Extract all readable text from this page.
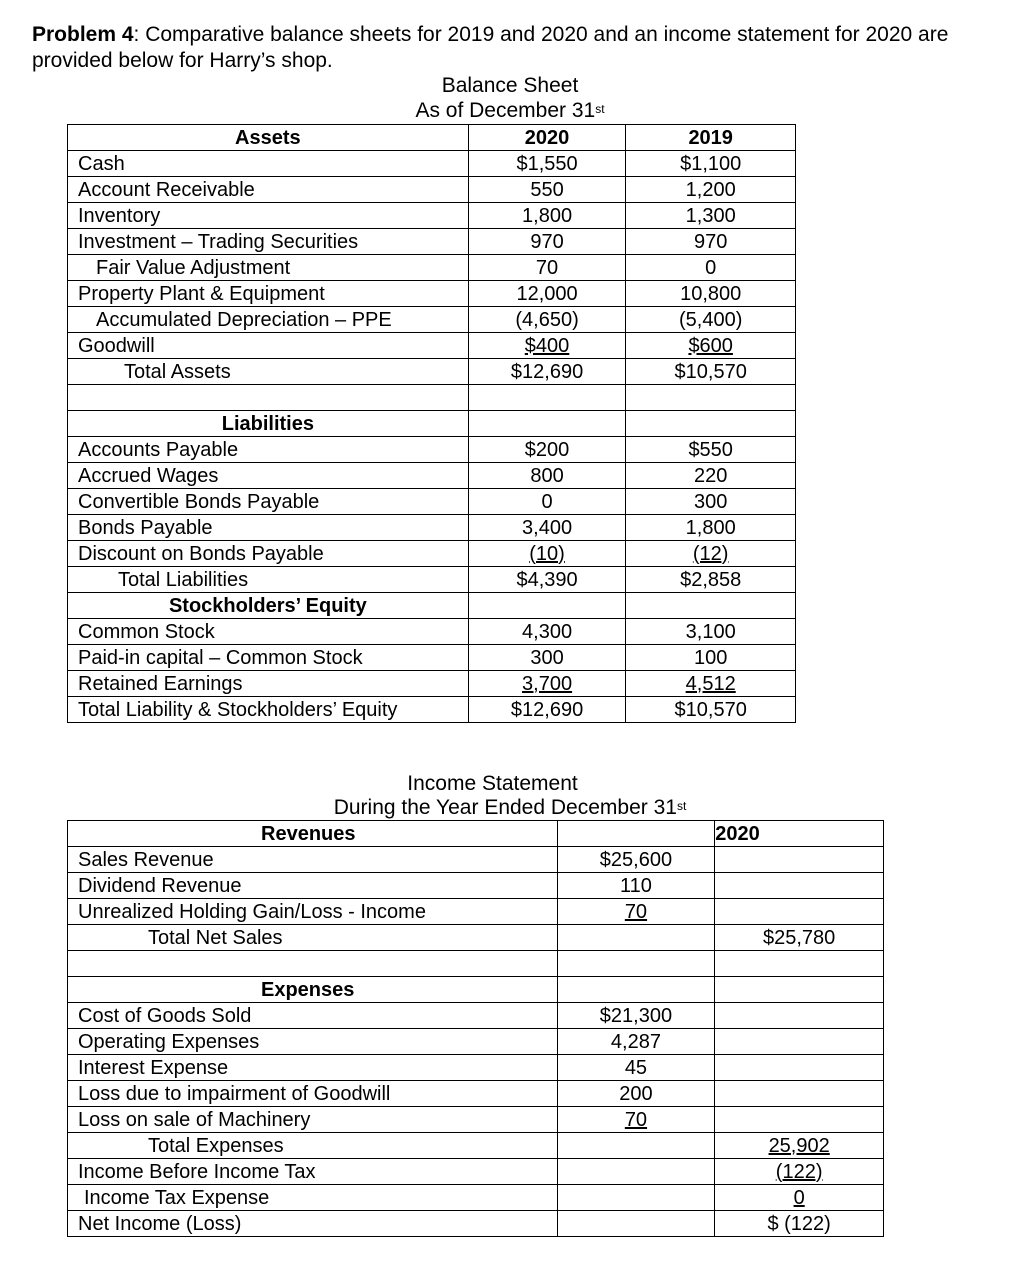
Problem 4: Comparative balance sheets for 2019 and 2020 and an income statement for 2020 are provided below for Harry’s shop.
Balance Sheet
As of December 31st
Assets	2020	2019
Cash	$1,550	$1,100
Account Receivable	550	1,200
Inventory	1,800	1,300
Investment – Trading Securities	970	970
Fair Value Adjustment	70	0
Property Plant & Equipment	12,000	10,800
Accumulated Depreciation – PPE	(4,650)	(5,400)
Goodwill	$400	$600
Total Assets	$12,690	$10,570

Liabilities		
Accounts Payable	$200	$550
Accrued Wages	800	220
Convertible Bonds Payable	0	300
Bonds Payable	3,400	1,800
Discount on Bonds Payable	(10)	(12)
Total Liabilities	$4,390	$2,858
Stockholders’ Equity		
Common Stock	4,300	3,100
Paid-in capital – Common Stock	300	100
Retained Earnings	3,700	4,512
Total Liability & Stockholders’ Equity	$12,690	$10,570
Income Statement
During the Year Ended December 31st
Revenues		2020
Sales Revenue	$25,600	
Dividend Revenue	110	
Unrealized Holding Gain/Loss - Income	70	
Total Net Sales		$25,780

Expenses		
Cost of Goods Sold	$21,300	
Operating Expenses	4,287	
Interest Expense	45	
Loss due to impairment of Goodwill	200	
Loss on sale of Machinery	70	
Total Expenses		25,902
Income Before Income Tax		(122)
Income Tax Expense		0
Net Income (Loss)		$ (122)
